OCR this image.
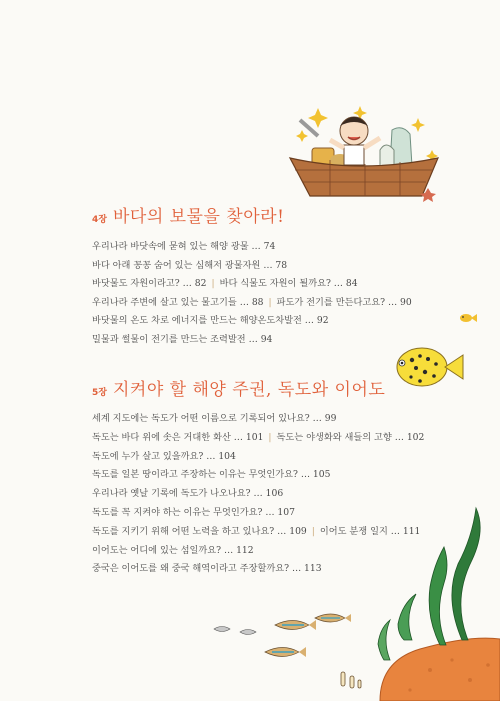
4장 바다의 보물을 찾아라!
우리나라 바닷속에 묻혀 있는 해양 광물 … 74
바다 아래 꽁꽁 숨어 있는 심해저 광물자원 … 78
바닷물도 자원이라고? … 82 | 바다 식물도 자원이 될까요? … 84
우리나라 주변에 살고 있는 물고기들 … 88 | 파도가 전기를 만든다고요? … 90
바닷물의 온도 차로 에너지를 만드는 해양온도차발전 … 92
밀물과 썰물이 전기를 만드는 조력발전 … 94
5장 지켜야 할 해양 주권, 독도와 이어도
세계 지도에는 독도가 어떤 이름으로 기록되어 있나요? … 99
독도는 바다 위에 솟은 거대한 화산 … 101 | 독도는 야생화와 새들의 고향 … 102
독도에 누가 살고 있을까요? … 104
독도를 일본 땅이라고 주장하는 이유는 무엇인가요? … 105
우리나라 옛날 기록에 독도가 나오나요? … 106
독도를 꼭 지켜야 하는 이유는 무엇인가요? … 107
독도를 지키기 위해 어떤 노력을 하고 있나요? … 109 | 이어도 분쟁 일지 … 111
이어도는 어디에 있는 섬일까요? … 112
중국은 이어도를 왜 중국 해역이라고 주장할까요? … 113
